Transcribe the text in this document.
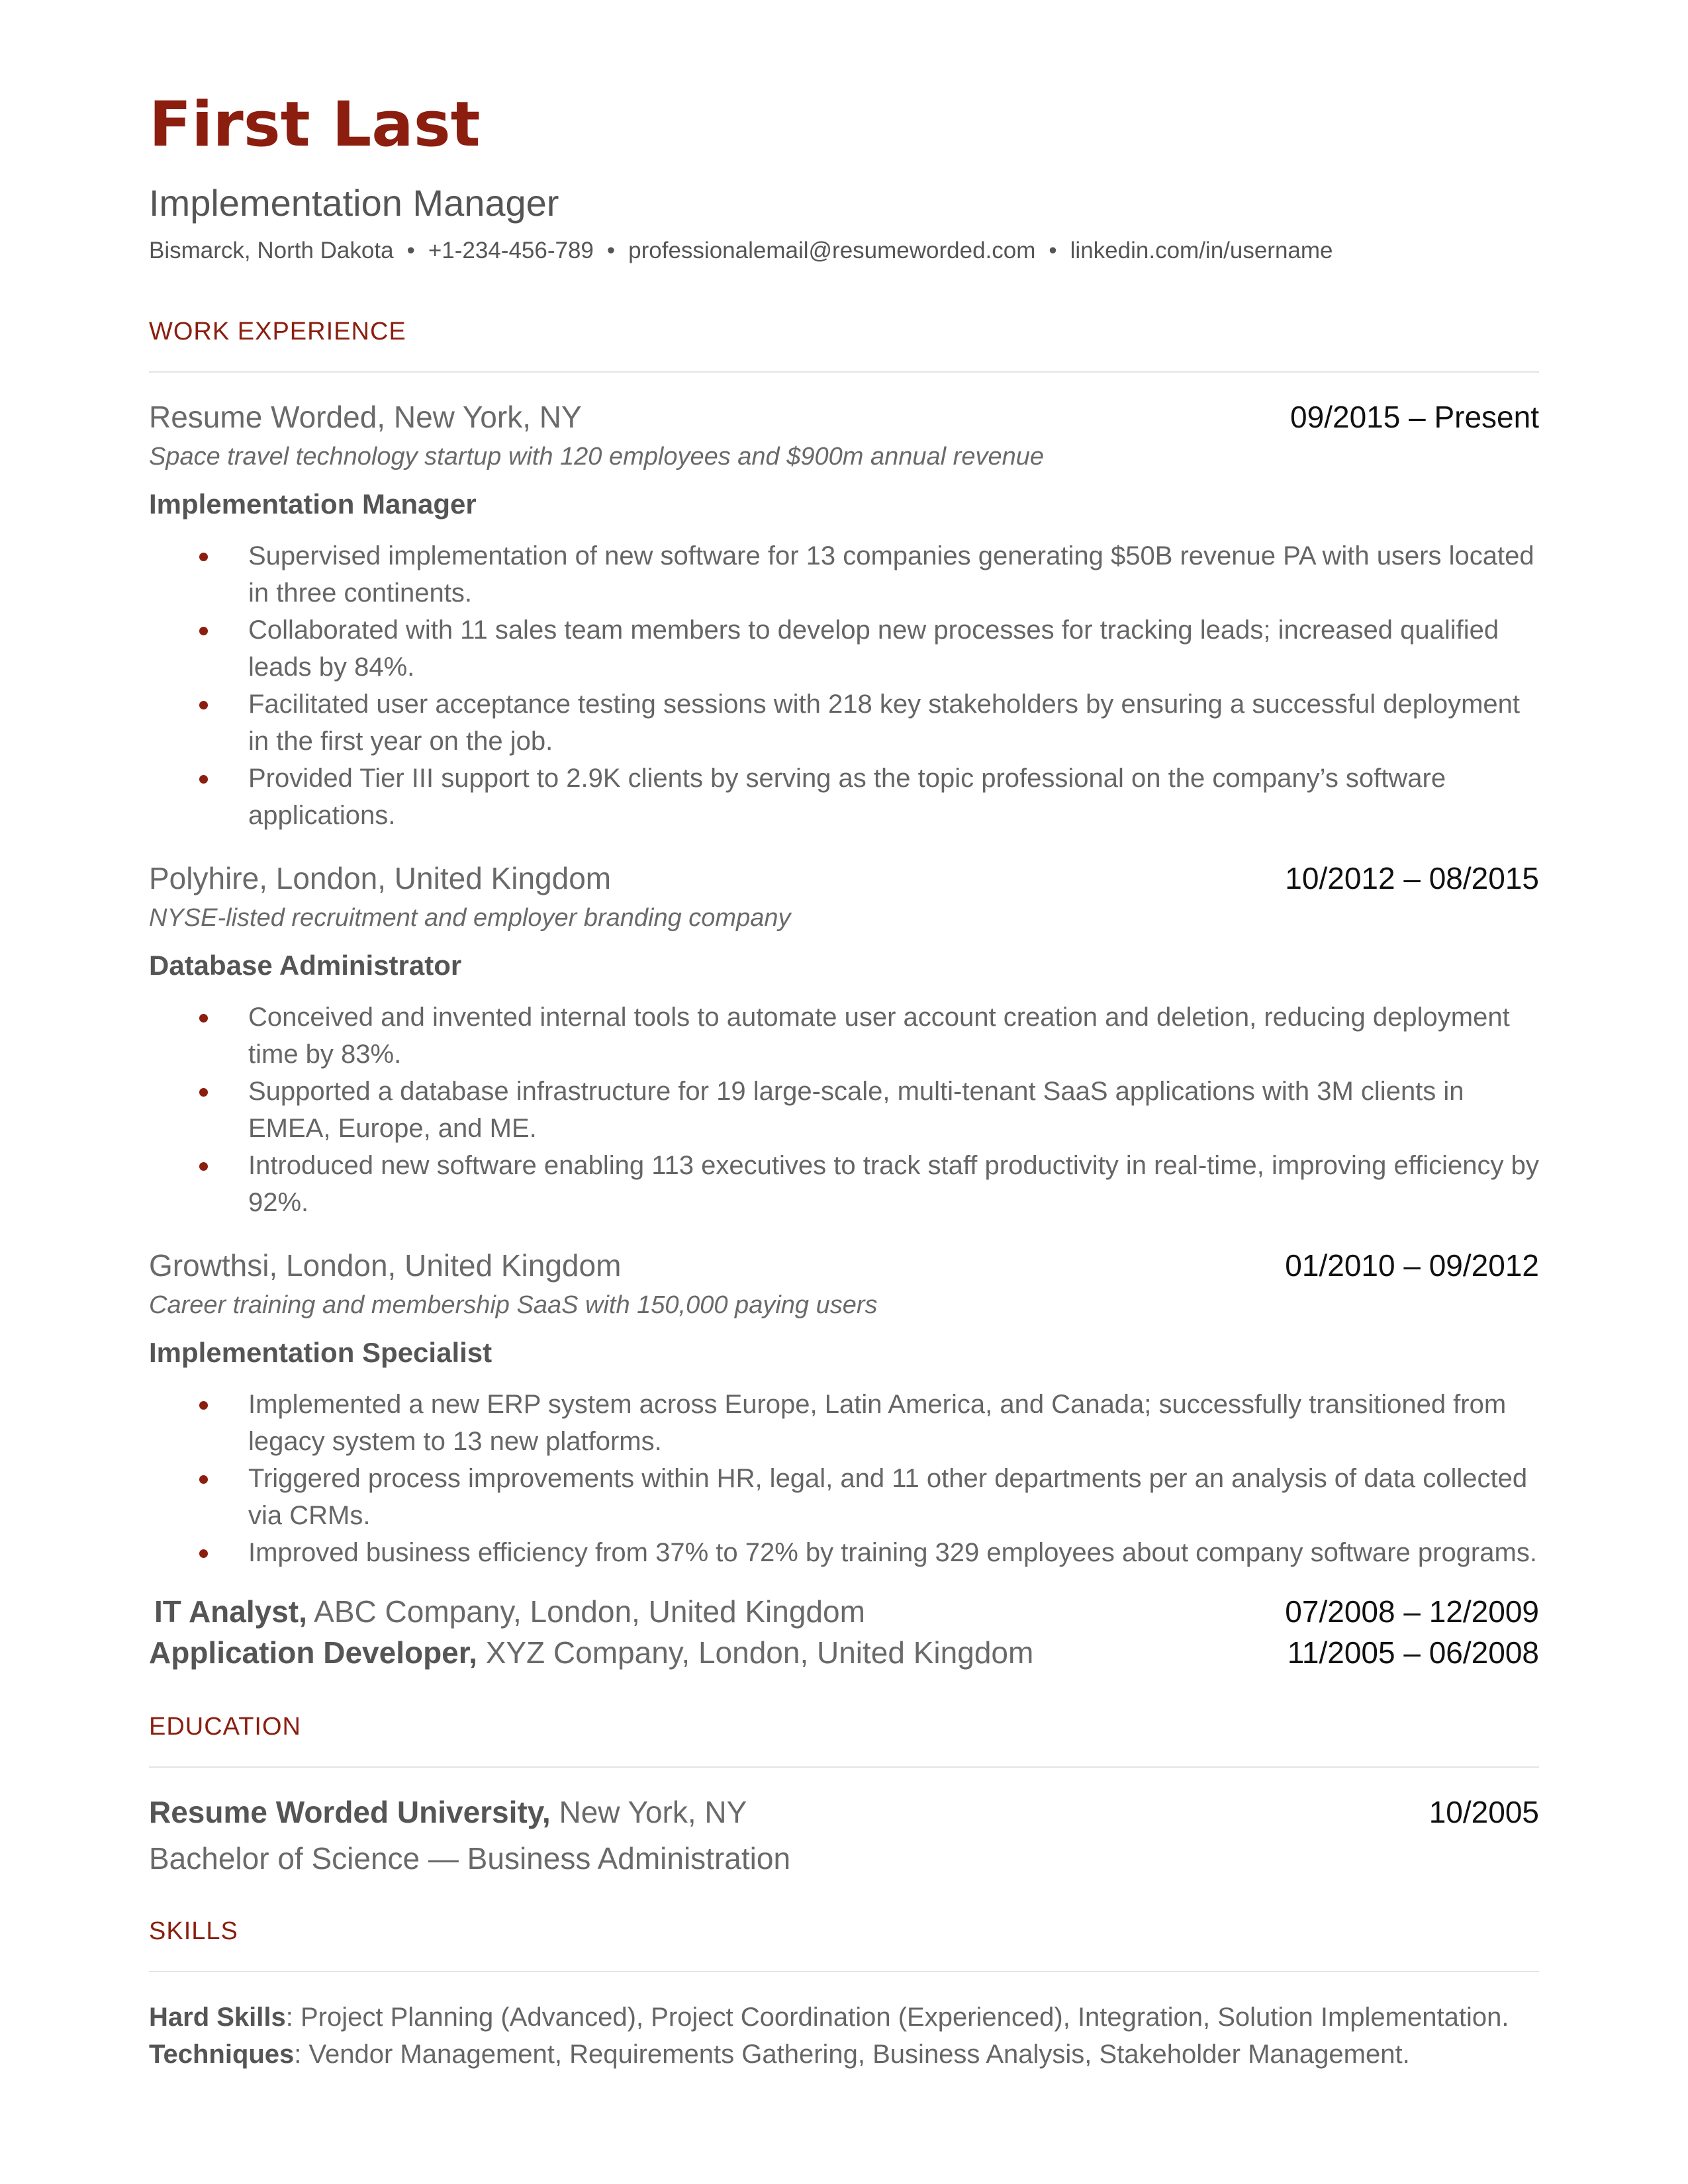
First Last
Implementation Manager
Bismarck, North Dakota • +1-234-456-789 • professionalemail@resumeworded.com • linkedin.com/in/username
WORK EXPERIENCE
Resume Worded, New York, NY	09/2015 – Present
Space travel technology startup with 120 employees and $900m annual revenue
Implementation Manager
Supervised implementation of new software for 13 companies generating $50B revenue PA with users located in three continents.
Collaborated with 11 sales team members to develop new processes for tracking leads; increased qualified leads by 84%.
Facilitated user acceptance testing sessions with 218 key stakeholders by ensuring a successful deployment in the first year on the job.
Provided Tier III support to 2.9K clients by serving as the topic professional on the company’s software applications.
Polyhire, London, United Kingdom	10/2012 – 08/2015
NYSE-listed recruitment and employer branding company
Database Administrator
Conceived and invented internal tools to automate user account creation and deletion, reducing deployment time by 83%.
Supported a database infrastructure for 19 large-scale, multi-tenant SaaS applications with 3M clients in EMEA, Europe, and ME.
Introduced new software enabling 113 executives to track staff productivity in real-time, improving efficiency by 92%.
Growthsi, London, United Kingdom	01/2010 – 09/2012
Career training and membership SaaS with 150,000 paying users
Implementation Specialist
Implemented a new ERP system across Europe, Latin America, and Canada; successfully transitioned from legacy system to 13 new platforms.
Triggered process improvements within HR, legal, and 11 other departments per an analysis of data collected via CRMs.
Improved business efficiency from 37% to 72% by training 329 employees about company software programs.
IT Analyst, ABC Company, London, United Kingdom	07/2008 – 12/2009
Application Developer, XYZ Company, London, United Kingdom	11/2005 – 06/2008
EDUCATION
Resume Worded University, New York, NY	10/2005
Bachelor of Science — Business Administration
SKILLS
Hard Skills: Project Planning (Advanced), Project Coordination (Experienced), Integration, Solution Implementation.
Techniques: Vendor Management, Requirements Gathering, Business Analysis, Stakeholder Management.
